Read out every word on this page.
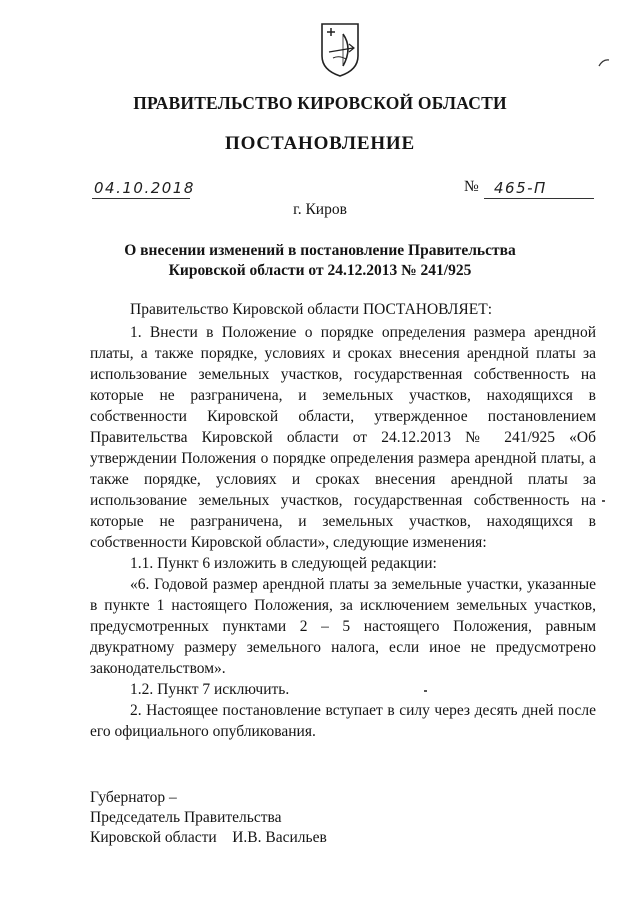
ПРАВИТЕЛЬСТВО КИРОВСКОЙ ОБЛАСТИ
ПОСТАНОВЛЕНИЕ
04.10.2018	№ 465-П
г. Киров
О внесении изменений в постановление Правительства
Кировской области от 24.12.2013 № 241/925

Правительство Кировской области ПОСТАНОВЛЯЕТ:

1. Внести в Положение о порядке определения размера арендной платы, а также порядке, условиях и сроках внесения арендной платы за использование земельных участков, государственная собственность на которые не разграничена, и земельных участков, находящихся в собственности Кировской области, утвержденное постановлением Правительства Кировской области от 24.12.2013 № 241/925 «Об утверждении Положения о порядке определения размера арендной платы, а также порядке, условиях и сроках внесения арендной платы за использование земельных участков, государственная собственность на которые не разграничена, и земельных участков, находящихся в собственности Кировской области», следующие изменения:

1.1. Пункт 6 изложить в следующей редакции:

«6. Годовой размер арендной платы за земельные участки, указанные в пункте 1 настоящего Положения, за исключением земельных участков, предусмотренных пунктами 2 – 5 настоящего Положения, равным двукратному размеру земельного налога, если иное не предусмотрено законодательством».

1.2. Пункт 7 исключить.

2. Настоящее постановление вступает в силу через десять дней после его официального опубликования.

Губернатор –
Председатель Правительства
Кировской области    И.В. Васильев
